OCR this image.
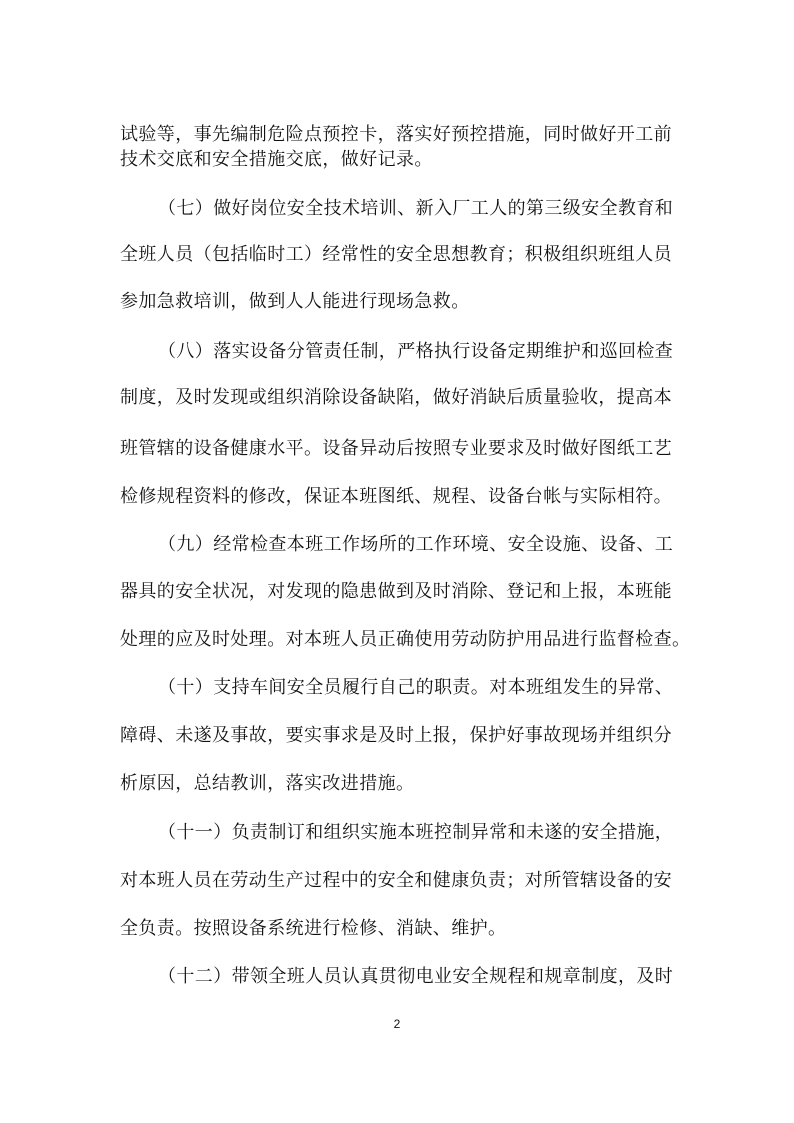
试验等，事先编制危险点预控卡，落实好预控措施，同时做好开工前
技术交底和安全措施交底，做好记录。
（七）做好岗位安全技术培训、新入厂工人的第三级安全教育和
全班人员（包括临时工）经常性的安全思想教育；积极组织班组人员
参加急救培训，做到人人能进行现场急救。
（八）落实设备分管责任制，严格执行设备定期维护和巡回检查
制度，及时发现或组织消除设备缺陷，做好消缺后质量验收，提高本
班管辖的设备健康水平。设备异动后按照专业要求及时做好图纸工艺
检修规程资料的修改，保证本班图纸、规程、设备台帐与实际相符。
（九）经常检查本班工作场所的工作环境、安全设施、设备、工
器具的安全状况，对发现的隐患做到及时消除、登记和上报，本班能
处理的应及时处理。对本班人员正确使用劳动防护用品进行监督检查。
（十）支持车间安全员履行自己的职责。对本班组发生的异常、
障碍、未遂及事故，要实事求是及时上报，保护好事故现场并组织分
析原因，总结教训，落实改进措施。
（十一）负责制订和组织实施本班控制异常和未遂的安全措施，
对本班人员在劳动生产过程中的安全和健康负责；对所管辖设备的安
全负责。按照设备系统进行检修、消缺、维护。
（十二）带领全班人员认真贯彻电业安全规程和规章制度，及时
2
